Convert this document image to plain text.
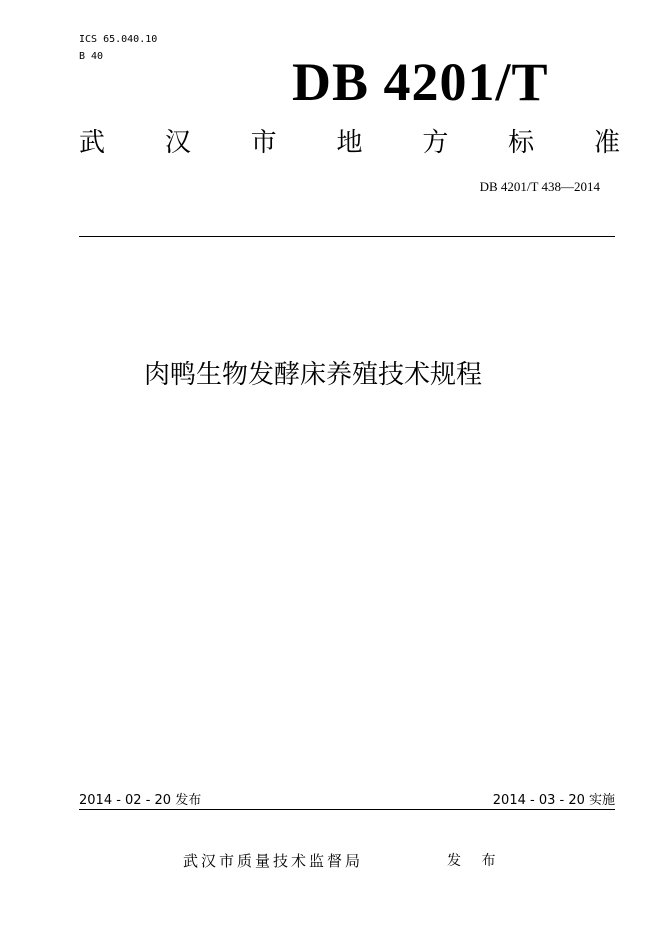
ICS 65.040.10
B 40	DB 4201/T
武 汉 市 地 方 标 准
DB 4201/T 438—2014
肉鸭生物发酵床养殖技术规程
2014 - 02 - 20 发布	2014 - 03 - 20 实施
武汉市质量技术监督局	发 布
